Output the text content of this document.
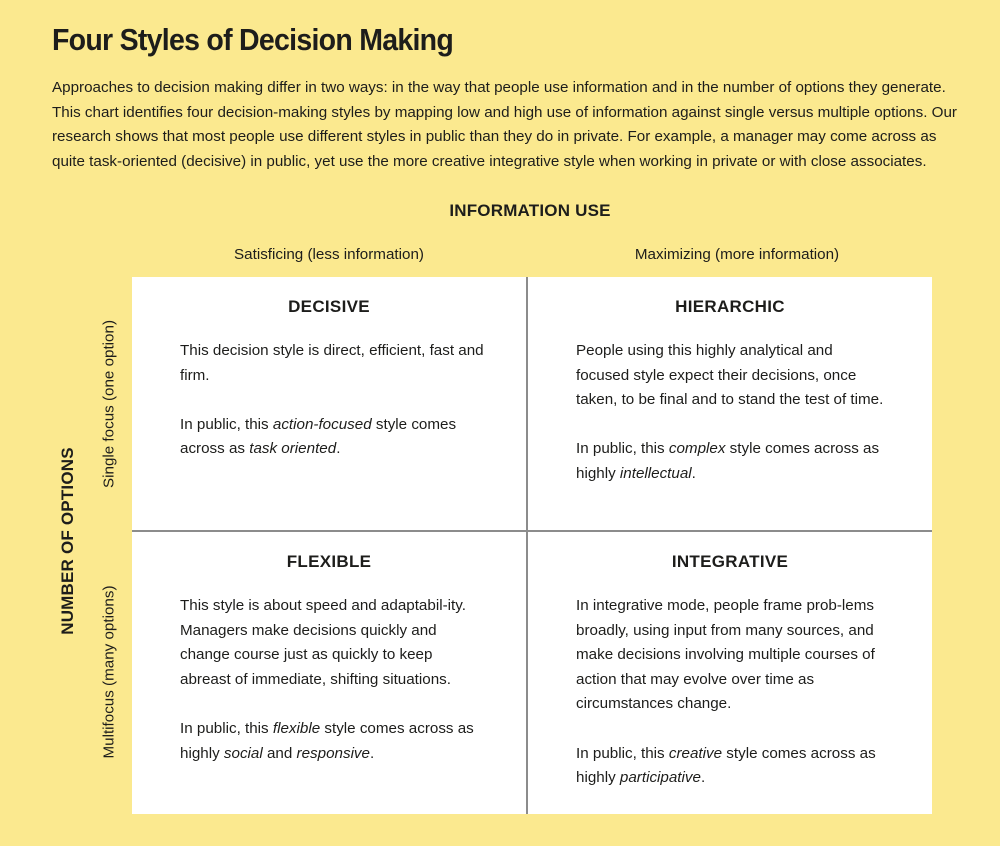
Four Styles of Decision Making
Approaches to decision making differ in two ways: in the way that people use information and in the number of options they generate. This chart identifies four decision-making styles by mapping low and high use of information against single versus multiple options. Our research shows that most people use different styles in public than they do in private. For example, a manager may come across as quite task-oriented (decisive) in public, yet use the more creative integrative style when working in private or with close associates.
INFORMATION USE
Satisficing (less information)	Maximizing (more information)
NUMBER OF OPTIONS
Single focus (one option)
Multifocus (many options)
DECISIVE

This decision style is direct, efficient, fast and firm.

In public, this action-focused style comes across as task oriented.

HIERARCHIC

People using this highly analytical and focused style expect their decisions, once taken, to be final and to stand the test of time.

In public, this complex style comes across as highly intellectual.

FLEXIBLE

This style is about speed and adaptabil-ity. Managers make decisions quickly and change course just as quickly to keep abreast of immediate, shifting situations.

In public, this flexible style comes across as highly social and responsive.

INTEGRATIVE

In integrative mode, people frame prob-lems broadly, using input from many sources, and make decisions involving multiple courses of action that may evolve over time as circumstances change.

In public, this creative style comes across as highly participative.
